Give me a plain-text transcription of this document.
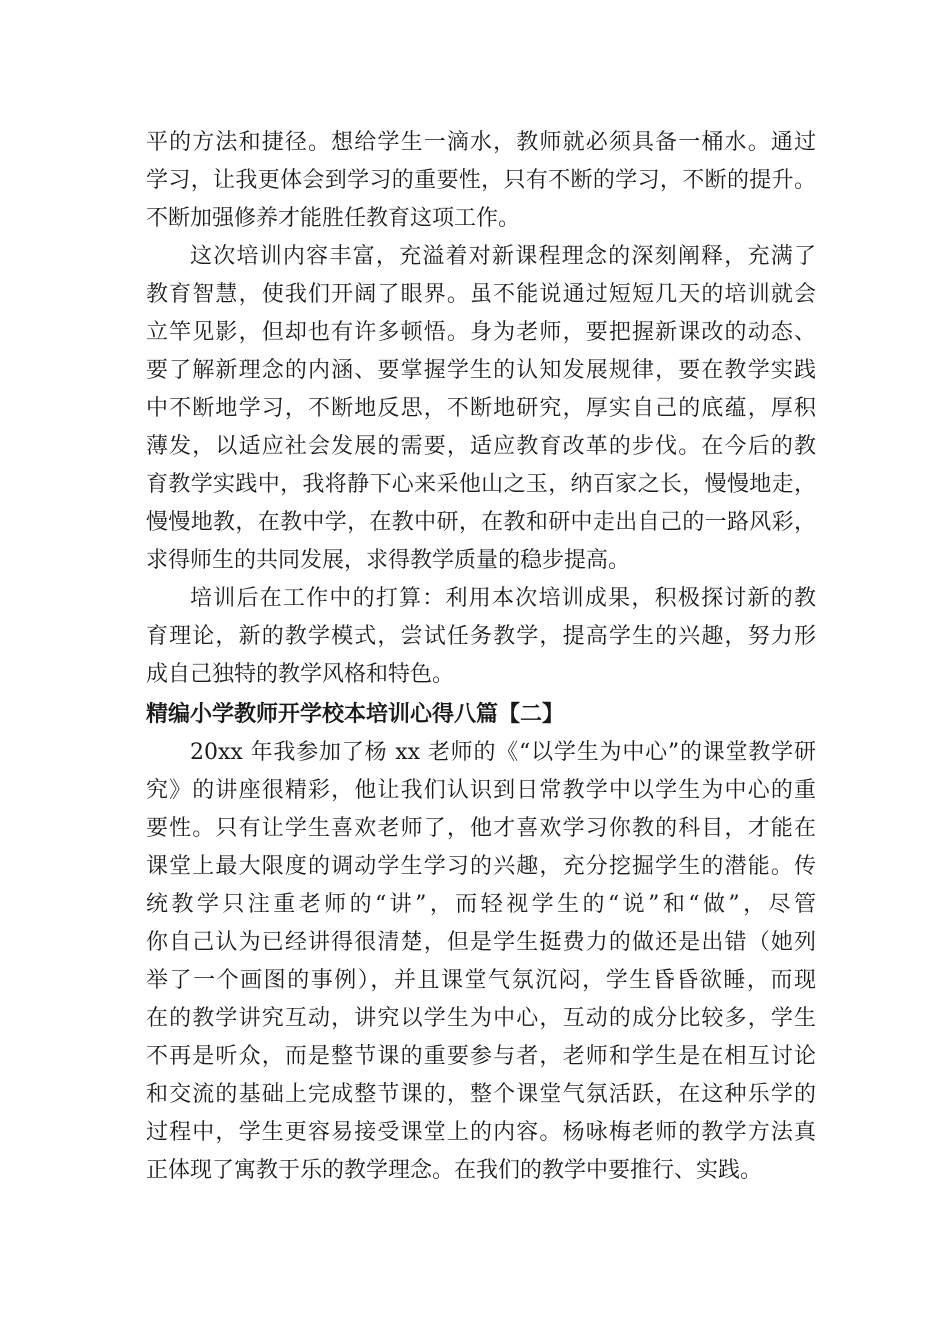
平的方法和捷径。想给学生一滴水，教师就必须具备一桶水。通过
学习，让我更体会到学习的重要性，只有不断的学习，不断的提升。
不断加强修养才能胜任教育这项工作。
这次培训内容丰富，充溢着对新课程理念的深刻阐释，充满了
教育智慧，使我们开阔了眼界。虽不能说通过短短几天的培训就会
立竿见影，但却也有许多顿悟。身为老师，要把握新课改的动态、
要了解新理念的内涵、要掌握学生的认知发展规律，要在教学实践
中不断地学习，不断地反思，不断地研究，厚实自己的底蕴，厚积
薄发，以适应社会发展的需要，适应教育改革的步伐。在今后的教
育教学实践中，我将静下心来采他山之玉，纳百家之长，慢慢地走，
慢慢地教，在教中学，在教中研，在教和研中走出自己的一路风彩，
求得师生的共同发展，求得教学质量的稳步提高。
培训后在工作中的打算：利用本次培训成果，积极探讨新的教
育理论，新的教学模式，尝试任务教学，提高学生的兴趣，努力形
成自己独特的教学风格和特色。
精编小学教师开学校本培训心得八篇【二】
20xx 年我参加了杨 xx 老师的《“以学生为中心”的课堂教学研
究》的讲座很精彩，他让我们认识到日常教学中以学生为中心的重
要性。只有让学生喜欢老师了，他才喜欢学习你教的科目，才能在
课堂上最大限度的调动学生学习的兴趣，充分挖掘学生的潜能。传
统教学只注重老师的“讲”，而轻视学生的“说”和“做”，尽管
你自己认为已经讲得很清楚，但是学生挺费力的做还是出错（她列
举了一个画图的事例），并且课堂气氛沉闷，学生昏昏欲睡，而现
在的教学讲究互动，讲究以学生为中心，互动的成分比较多，学生
不再是听众，而是整节课的重要参与者，老师和学生是在相互讨论
和交流的基础上完成整节课的，整个课堂气氛活跃，在这种乐学的
过程中，学生更容易接受课堂上的内容。杨咏梅老师的教学方法真
正体现了寓教于乐的教学理念。在我们的教学中要推行、实践。
